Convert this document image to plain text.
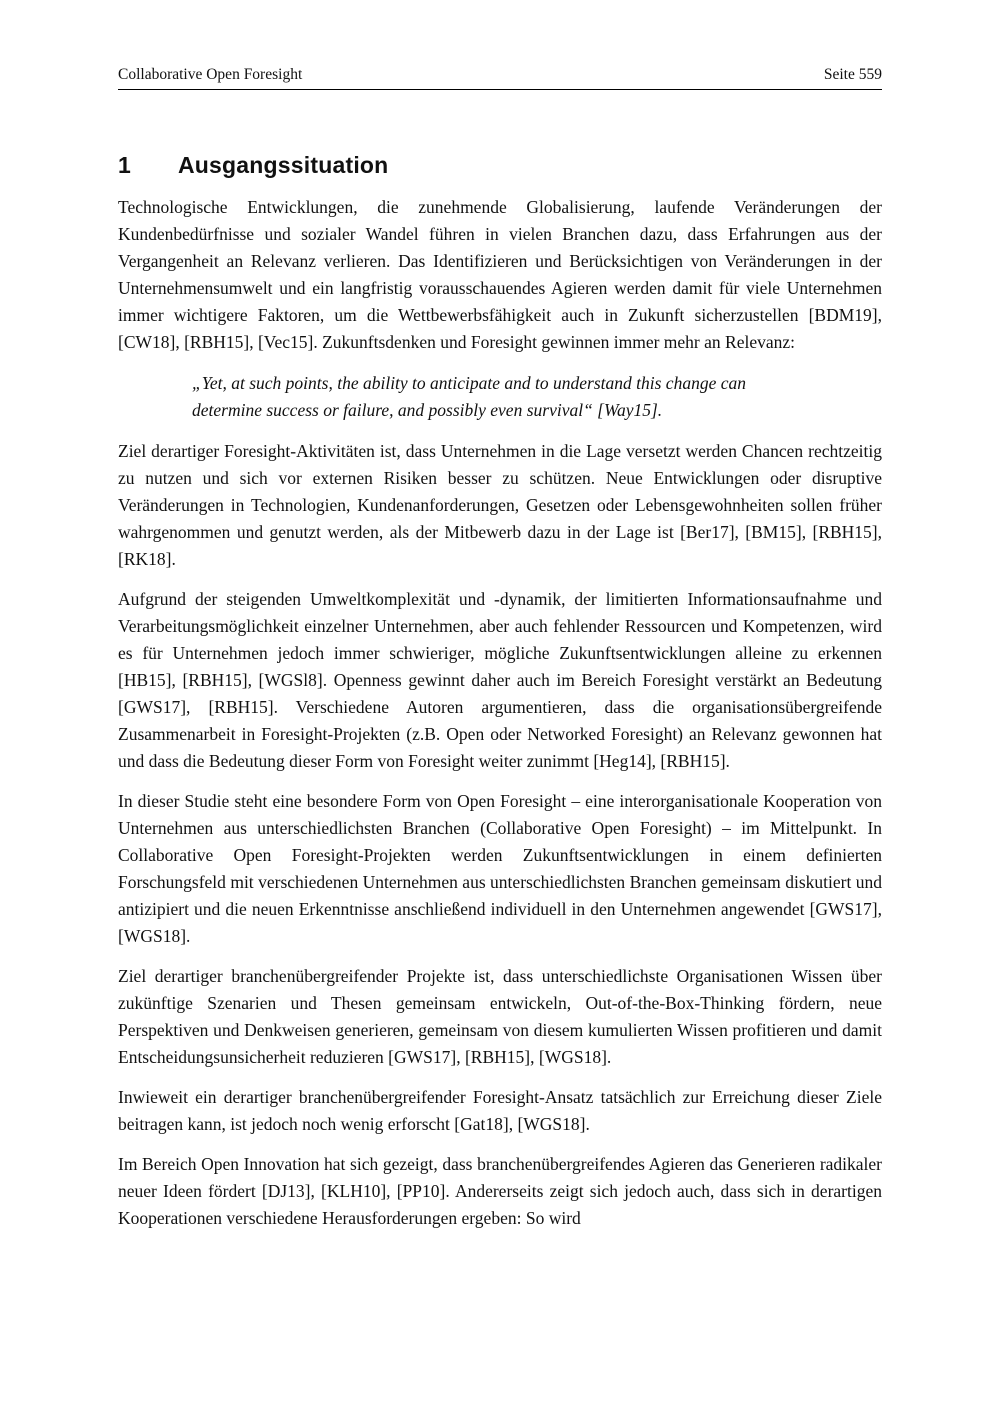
Collaborative Open Foresight	Seite 559
1	Ausgangssituation

Technologische Entwicklungen, die zunehmende Globalisierung, laufende Veränderungen der Kundenbedürfnisse und sozialer Wandel führen in vielen Branchen dazu, dass Erfahrungen aus der Vergangenheit an Relevanz verlieren. Das Identifizieren und Berücksichtigen von Veränderungen in der Unternehmensumwelt und ein langfristig vorausschauendes Agieren werden damit für viele Unternehmen immer wichtigere Faktoren, um die Wettbewerbsfähigkeit auch in Zukunft sicherzustellen [BDM19], [CW18], [RBH15], [Vec15]. Zukunftsdenken und Foresight gewinnen immer mehr an Relevanz:

„Yet, at such points, the ability to anticipate and to understand this change can determine success or failure, and possibly even survival“ [Way15].

Ziel derartiger Foresight-Aktivitäten ist, dass Unternehmen in die Lage versetzt werden Chancen rechtzeitig zu nutzen und sich vor externen Risiken besser zu schützen. Neue Entwicklungen oder disruptive Veränderungen in Technologien, Kundenanforderungen, Gesetzen oder Lebensgewohnheiten sollen früher wahrgenommen und genutzt werden, als der Mitbewerb dazu in der Lage ist [Ber17], [BM15], [RBH15], [RK18].

Aufgrund der steigenden Umweltkomplexität und -dynamik, der limitierten Informationsaufnahme und Verarbeitungsmöglichkeit einzelner Unternehmen, aber auch fehlender Ressourcen und Kompetenzen, wird es für Unternehmen jedoch immer schwieriger, mögliche Zukunftsentwicklungen alleine zu erkennen [HB15], [RBH15], [WGSl8]. Openness gewinnt daher auch im Bereich Foresight verstärkt an Bedeutung [GWS17], [RBH15]. Verschiedene Autoren argumentieren, dass die organisationsübergreifende Zusammenarbeit in Foresight-Projekten (z.B. Open oder Networked Foresight) an Relevanz gewonnen hat und dass die Bedeutung dieser Form von Foresight weiter zunimmt [Heg14], [RBH15].

In dieser Studie steht eine besondere Form von Open Foresight – eine interorganisationale Kooperation von Unternehmen aus unterschiedlichsten Branchen (Collaborative Open Foresight) – im Mittelpunkt. In Collaborative Open Foresight-Projekten werden Zukunftsentwicklungen in einem definierten Forschungsfeld mit verschiedenen Unternehmen aus unterschiedlichsten Branchen gemeinsam diskutiert und antizipiert und die neuen Erkenntnisse anschließend individuell in den Unternehmen angewendet [GWS17], [WGS18].

Ziel derartiger branchenübergreifender Projekte ist, dass unterschiedlichste Organisationen Wissen über zukünftige Szenarien und Thesen gemeinsam entwickeln, Out-of-the-Box-Thinking fördern, neue Perspektiven und Denkweisen generieren, gemeinsam von diesem kumulierten Wissen profitieren und damit Entscheidungsunsicherheit reduzieren [GWS17], [RBH15], [WGS18].

Inwieweit ein derartiger branchenübergreifender Foresight-Ansatz tatsächlich zur Erreichung dieser Ziele beitragen kann, ist jedoch noch wenig erforscht [Gat18], [WGS18].

Im Bereich Open Innovation hat sich gezeigt, dass branchenübergreifendes Agieren das Generieren radikaler neuer Ideen fördert [DJ13], [KLH10], [PP10]. Andererseits zeigt sich jedoch auch, dass sich in derartigen Kooperationen verschiedene Herausforderungen ergeben: So wird
